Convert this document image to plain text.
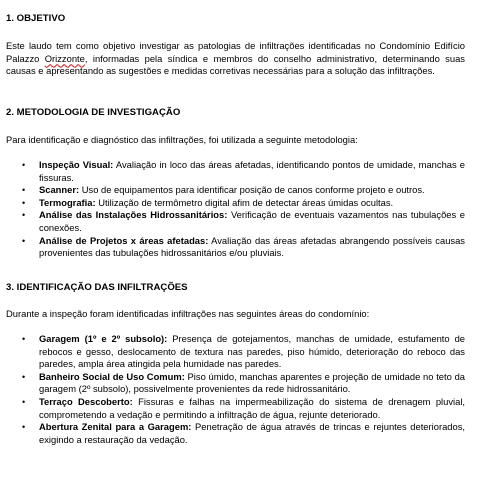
1. OBJETIVO

Este laudo tem como objetivo investigar as patologias de infiltrações identificadas no Condomínio Edifício Palazzo Orizzonte, informadas pela síndica e membros do conselho administrativo, determinando suas causas e apresentando as sugestões e medidas corretivas necessárias para a solução das infiltrações.

2. METODOLOGIA DE INVESTIGAÇÃO

Para identificação e diagnóstico das infiltrações, foi utilizada a seguinte metodologia:

•	Inspeção Visual: Avaliação in loco das áreas afetadas, identificando pontos de umidade, manchas e fissuras.
•	Scanner: Uso de equipamentos para identificar posição de canos conforme projeto e outros.
•	Termografia: Utilização de termômetro digital afim de detectar áreas úmidas ocultas.
•	Análise das Instalações Hidrossanitários: Verificação de eventuais vazamentos nas tubulações e conexões.
•	Análise de Projetos x áreas afetadas: Avaliação das áreas afetadas abrangendo possíveis causas provenientes das tubulações hidrossanitários e/ou pluviais.

3. IDENTIFICAÇÃO DAS INFILTRAÇÕES

Durante a inspeção foram identificadas infiltrações nas seguintes áreas do condomínio:

•	Garagem (1º e 2º subsolo): Presença de gotejamentos, manchas de umidade, estufamento de rebocos e gesso, deslocamento de textura nas paredes, piso húmido, deterioração do reboco das paredes, ampla área atingida pela humidade nas paredes.
•	Banheiro Social de Uso Comum: Piso úmido, manchas aparentes e projeção de umidade no teto da garagem (2º subsolo), possivelmente provenientes da rede hidrossanitário.
•	Terraço Descoberto: Fissuras e falhas na impermeabilização do sistema de drenagem pluvial, comprometendo a vedação e permitindo a infiltração de água, rejunte deteriorado.
•	Abertura Zenital para a Garagem: Penetração de água através de trincas e rejuntes deteriorados, exigindo a restauração da vedação.
